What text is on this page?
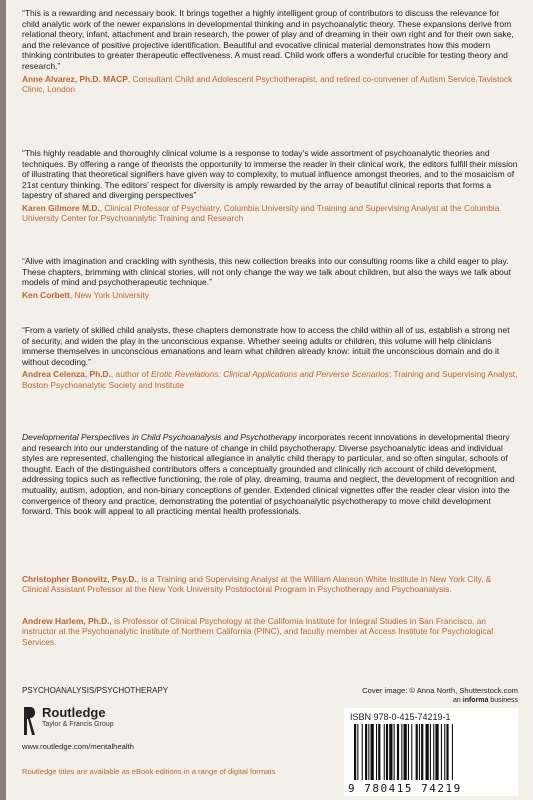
“This is a rewarding and necessary book. It brings together a highly intelligent group of contributors to discuss the relevance for child analytic work of the newer expansions in developmental thinking and in psychoanalytic theory. These expansions derive from relational theory, infant, attachment and brain research, the power of play and of dreaming in their own right and for their own sake, and the relevance of positive projective identification. Beautiful and evocative clinical material demonstrates how this modern thinking contributes to greater therapeutic effectiveness. A must read. Child work offers a wonderful crucible for testing theory and research.”

Anne Alvarez, Ph.D. MACP, Consultant Child and Adolescent Psychotherapist, and retired co-convener of Autism Service,Tavistock Clinic, London

“This highly readable and thoroughly clinical volume is a response to today’s wide assortment of psychoanalytic theories and techniques. By offering a range of theorists the opportunity to immerse the reader in their clinical work, the editors fulfill their mission of illustrating that theoretical signifiers have given way to complexity, to mutual influence amongst theories, and to the mosaicism of 21st century thinking. The editors’ respect for diversity is amply rewarded by the array of beautiful clinical reports that forms a tapestry of shared and diverging perspectives”

Karen Gilmore M.D., Clinical Professor of Psychiatry, Columbia University and Training and Supervising Analyst at the Columbia University Center for Psychoanalytic Training and Research

“Alive with imagination and crackling with synthesis, this new collection breaks into our consulting rooms like a child eager to play. These chapters, brimming with clinical stories, will not only change the way we talk about children, but also the ways we talk about models of mind and psychotherapeutic technique.”

Ken Corbett, New York University

“From a variety of skilled child analysts, these chapters demonstrate how to access the child within all of us, establish a strong net of security, and widen the play in the unconscious expanse. Whether seeing adults or children, this volume will help clinicians immerse themselves in unconscious emanations and learn what children already know: intuit the unconscious domain and do it without decoding.”

Andrea Celenza, Ph.D., author of Erotic Revelations: Clinical Applications and Perverse Scenarios; Training and Supervising Analyst, Boston Psychoanalytic Society and Institute

Developmental Perspectives in Child Psychoanalysis and Psychotherapy incorporates recent innovations in developmental theory and research into our understanding of the nature of change in child psychotherapy. Diverse psychoanalytic ideas and individual styles are represented, challenging the historical allegiance in analytic child therapy to particular, and so often singular, schools of thought. Each of the distinguished contributors offers a conceptually grounded and clinically rich account of child development, addressing topics such as reflective functioning, the role of play, dreaming, trauma and neglect, the development of recognition and mutuality, autism, adoption, and non-binary conceptions of gender. Extended clinical vignettes offer the reader clear vision into the convergence of theory and practice, demonstrating the potential of psychoanalytic psychotherapy to move child development forward. This book will appeal to all practicing mental health professionals.

Christopher Bonovitz, Psy.D., is a Training and Supervising Analyst at the William Alanson White Institute in New York City, & Clinical Assistant Professor at the New York University Postdoctoral Program in Psychotherapy and Psychoanalysis.

Andrew Harlem, Ph.D., is Professor of Clinical Psychology at the California Institute for Integral Studies in San Francisco, an instructor at the Psychoanalytic Institute of Northern California (PINC), and faculty member at Access Institute for Psychological Services.

PSYCHOANALYSIS/PSYCHOTHERAPY
Routledge
Taylor & Francis Group
www.routledge.com/mentalhealth
Routledge titles are available as eBook editions in a range of digital formats
Cover image: © Anna North, Shutterstock.com
an informa business
ISBN 978-0-415-74219-1
9 780415 74219
